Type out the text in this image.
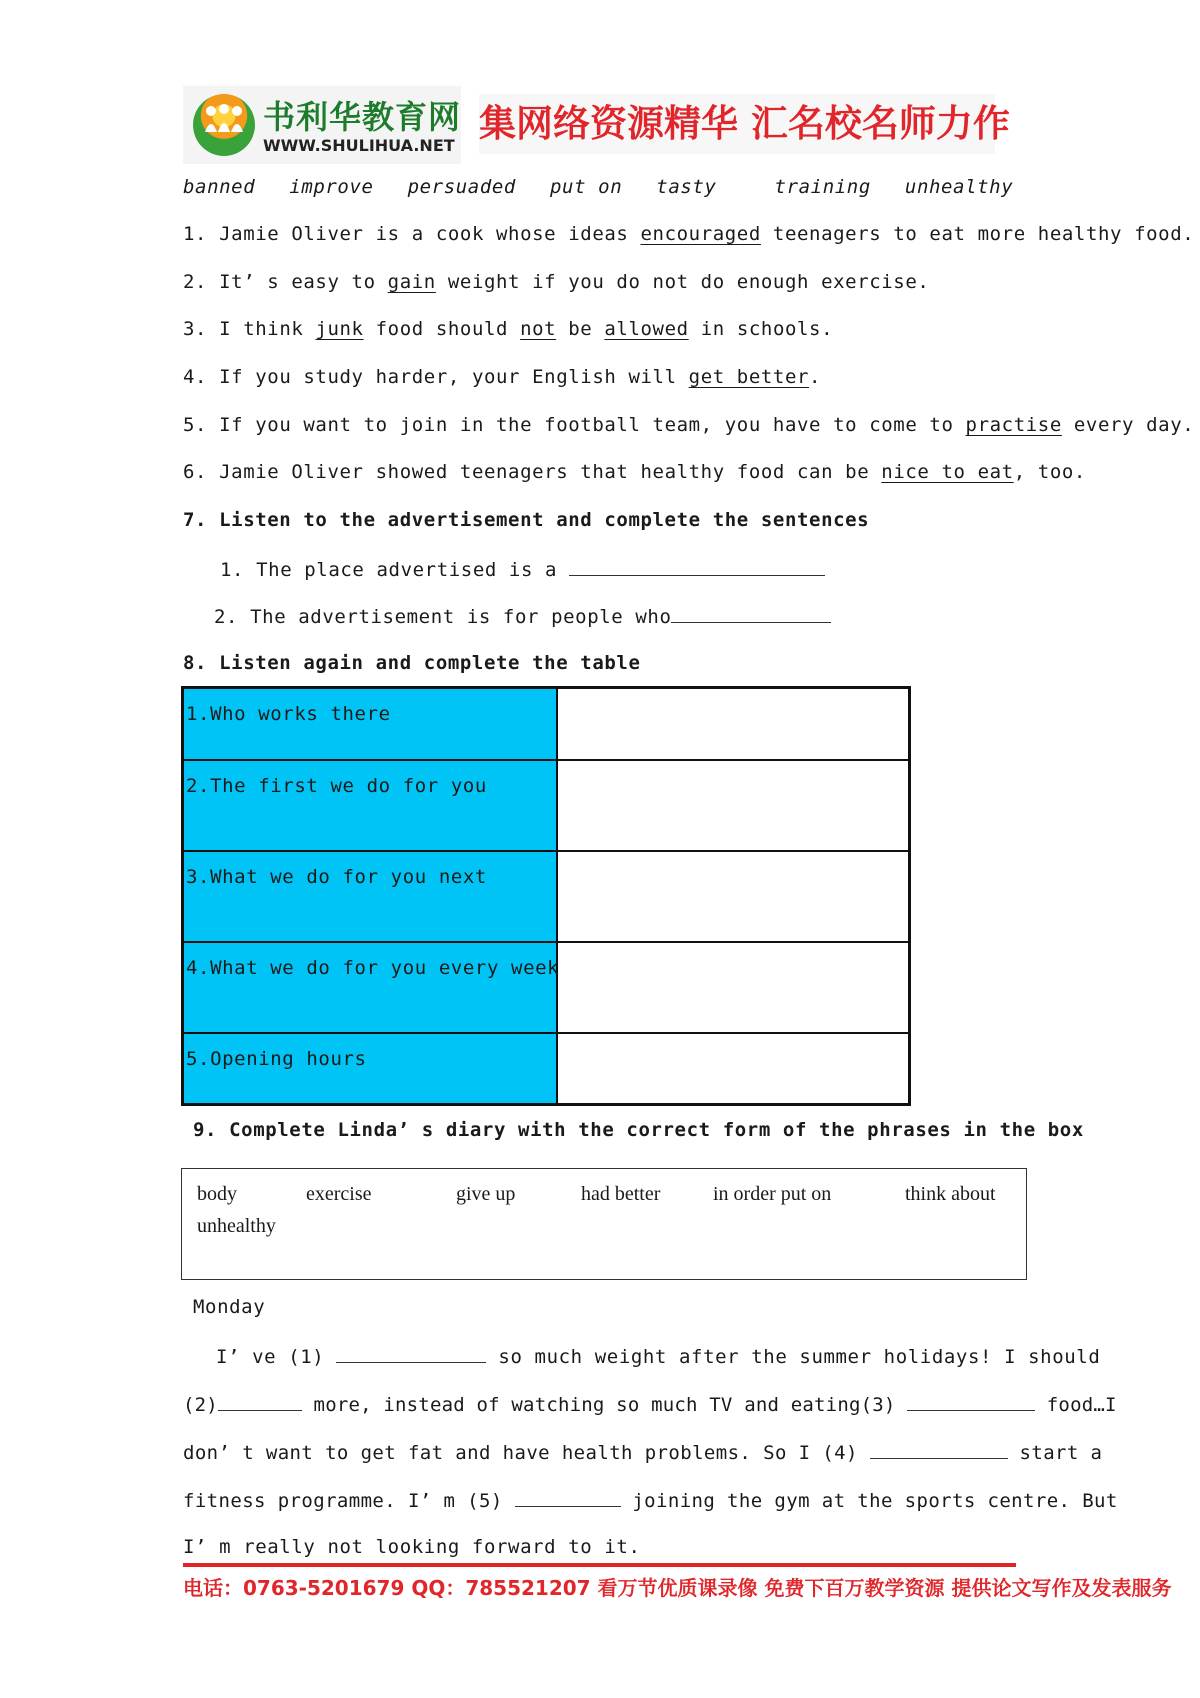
书利华教育网
WWW.SHULIHUA.NET
集网络资源精华 汇名校名师力作
banned improve persuaded put on tasty	training unhealthy
1. Jamie Oliver is a cook whose ideas encouraged teenagers to eat more healthy food.
2. It’ s easy to gain weight if you do not do enough exercise.
3. I think junk food should not be allowed in schools.
4. If you study harder, your English will get better.
5. If you want to join in the football team, you have to come to practise every day.
6. Jamie Oliver showed teenagers that healthy food can be nice to eat, too.
7. Listen to the advertisement and complete the sentences
1. The place advertised is a
2. The advertisement is for people who
8. Listen again and complete the table
1.Who works there	

2.The first we do for you	

3.What we do for you next	

4.What we do for you every week	

5.Opening hours	

9. Complete Linda’ s diary with the correct form of the phrases in the box
body	exercise	give up	had better	in order put on	think about
unhealthy
Monday
I’ ve (1)	so much weight after the summer holidays! I should
(2)	more, instead of watching so much TV and eating(3)	food…I
don’ t want to get fat and have health problems. So I (4)	start a
fitness programme. I’ m (5)	joining the gym at the sports centre. But
I’ m really not looking forward to it.
电话：0763-5201679 QQ：785521207 看万节优质课录像 免费下百万教学资源 提供论文写作及发表服务
